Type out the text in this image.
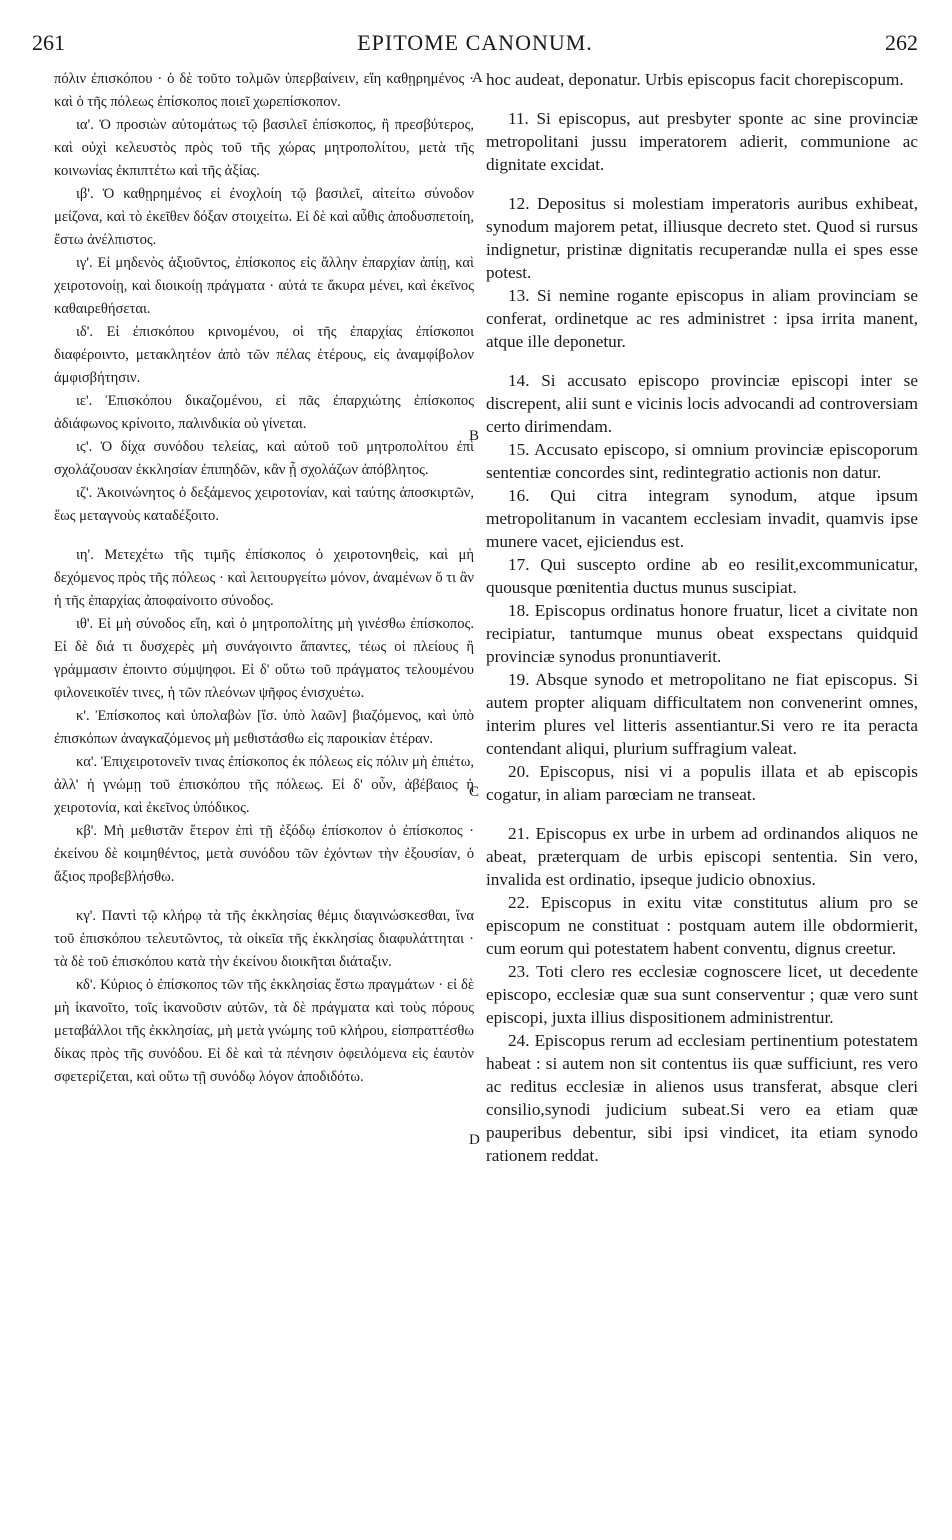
261	EPITOME CANONUM.	262
A
B
C
D

πόλιν ἐπισκόπου · ὁ δὲ τοῦτο τολμῶν ὑπερβαίνειν, εἴη καθῃρημένος · καὶ ὁ τῆς πόλεως ἐπίσκοπος ποιεῖ χωρεπίσκοπον.

ια'. Ὁ προσιὼν αὐτομάτως τῷ βασιλεῖ ἐπίσκοπος, ἢ πρεσβύτερος, καὶ οὐχὶ κελευστὸς πρὸς τοῦ τῆς χώρας μητροπολίτου, μετὰ τῆς κοινωνίας ἐκπιπτέτω καὶ τῆς ἀξίας.

ιβ'. Ὁ καθῃρημένος εἰ ἐνοχλοίη τῷ βασιλεῖ, αἰτείτω σύνοδον μείζονα, καὶ τὸ ἐκεῖθεν δόξαν στοιχείτω. Εἰ δὲ καὶ αὖθις ἀποδυσπετοίη, ἔστω ἀνέλπιστος.

ιγ'. Εἰ μηδενὸς ἀξιοῦντος, ἐπίσκοπος εἰς ἄλλην ἐπαρχίαν ἀπίῃ, καὶ χειροτονοίῃ, καὶ διοικοίῃ πράγματα · αὐτά τε ἄκυρα μένει, καὶ ἐκεῖνος καθαιρεθήσεται.

ιδ'. Εἰ ἐπισκόπου κρινομένου, οἱ τῆς ἐπαρχίας ἐπίσκοποι διαφέροιντο, μετακλητέον ἀπὸ τῶν πέλας ἑτέρους, εἰς ἀναμφίβολον ἀμφισβήτησιν.

ιε'. Ἐπισκόπου δικαζομένου, εἰ πᾶς ἐπαρχιώτης ἐπίσκοπος ἀδιάφωνος κρίνοιτο, παλινδικία οὐ γίνεται.

ιϛ'. Ὁ δίχα συνόδου τελείας, καὶ αὐτοῦ τοῦ μητροπολίτου ἐπὶ σχολάζουσαν ἐκκλησίαν ἐπιπηδῶν, κἂν ᾖ σχολάζων ἀπόβλητος.

ιζ'. Ἀκοινώνητος ὁ δεξάμενος χειροτονίαν, καὶ ταύτης ἀποσκιρτῶν, ἕως μεταγνοὺς καταδέξοιτο.

ιη'. Μετεχέτω τῆς τιμῆς ἐπίσκοπος ὁ χειροτονηθεὶς, καὶ μὴ δεχόμενος πρὸς τῆς πόλεως · καὶ λειτουργείτω μόνον, ἀναμένων ὅ τι ἂν ἡ τῆς ἐπαρχίας ἀποφαίνοιτο σύνοδος.

ιθ'. Εἰ μὴ σύνοδος εἴη, καὶ ὁ μητροπολίτης μὴ γινέσθω ἐπίσκοπος. Εἰ δὲ διά τι δυσχερὲς μὴ συνάγοιντο ἅπαντες, τέως οἱ πλείους ἢ γράμμασιν ἐποιντο σύμψηφοι. Εἰ δ' οὕτω τοῦ πράγματος τελουμένου φιλονεικοῖέν τινες, ἡ τῶν πλεόνων ψῆφος ἐνισχυέτω.

κ'. Ἐπίσκοπος καὶ ὑπολαβὼν [ἴσ. ὑπὸ λαῶν] βιαζόμενος, καὶ ὑπὸ ἐπισκόπων ἀναγκαζόμενος μὴ μεθιστάσθω εἰς παροικίαν ἑτέραν.

κα'. Ἐπιχειροτονεῖν τινας ἐπίσκοπος ἐκ πόλεως εἰς πόλιν μὴ ἐπιέτω, ἀλλ' ἡ γνώμῃ τοῦ ἐπισκόπου τῆς πόλεως. Εἰ δ' οὖν, ἀβέβαιος ἡ χειροτονία, καὶ ἐκεῖνος ὑπόδικος.

κβ'. Μὴ μεθιστᾶν ἕτερον ἐπὶ τῇ ἐξόδῳ ἐπίσκοπον ὁ ἐπίσκοπος · ἐκείνου δὲ κοιμηθέντος, μετὰ συνόδου τῶν ἐχόντων τὴν ἐξουσίαν, ὁ ἄξιος προβεβλήσθω.

κγ'. Παντὶ τῷ κλήρῳ τὰ τῆς ἐκκλησίας θέμις διαγινώσκεσθαι, ἵνα τοῦ ἐπισκόπου τελευτῶντος, τὰ οἰκεῖα τῆς ἐκκλησίας διαφυλάττηται · τὰ δὲ τοῦ ἐπισκόπου κατὰ τὴν ἐκείνου διοικῆται διάταξιν.

κδ'. Κύριος ὁ ἐπίσκοπος τῶν τῆς ἐκκλησίας ἔστω πραγμάτων · εἰ δὲ μὴ ἱκανοῖτο, τοῖς ἱκανοῦσιν αὐτῶν, τὰ δὲ πράγματα καὶ τοὺς πόρους μεταβάλλοι τῆς ἐκκλησίας, μὴ μετὰ γνώμης τοῦ κλήρου, εἰσπραττέσθω δίκας πρὸς τῆς συνόδου. Εἰ δὲ καὶ τὰ πένησιν ὀφειλόμενα εἰς ἑαυτὸν σφετερίζεται, καὶ οὕτω τῇ συνόδῳ λόγον ἀποδιδότω.

hoc audeat, deponatur. Urbis episcopus facit chorepiscopum.

11. Si episcopus, aut presbyter sponte ac sine provinciæ metropolitani jussu imperatorem adierit, communione ac dignitate excidat.

12. Depositus si molestiam imperatoris auribus exhibeat, synodum majorem petat, illiusque decreto stet. Quod si rursus indignetur, pristinæ dignitatis recuperandæ nulla ei spes esse potest.

13. Si nemine rogante episcopus in aliam provinciam se conferat, ordinetque ac res administret : ipsa irrita manent, atque ille deponetur.

14. Si accusato episcopo provinciæ episcopi inter se discrepent, alii sunt e vicinis locis advocandi ad controversiam certo dirimendam.

15. Accusato episcopo, si omnium provinciæ episcoporum sententiæ concordes sint, redintegratio actionis non datur.

16. Qui citra integram synodum, atque ipsum metropolitanum in vacantem ecclesiam invadit, quamvis ipse munere vacet, ejiciendus est.

17. Qui suscepto ordine ab eo resilit,excommunicatur, quousque pœnitentia ductus munus suscipiat.

18. Episcopus ordinatus honore fruatur, licet a civitate non recipiatur, tantumque munus obeat exspectans quidquid provinciæ synodus pronuntiaverit.

19. Absque synodo et metropolitano ne fiat episcopus. Si autem propter aliquam difficultatem non convenerint omnes, interim plures vel litteris assentiantur.Si vero re ita peracta contendant aliqui, plurium suffragium valeat.

20. Episcopus, nisi vi a populis illata et ab episcopis cogatur, in aliam parœciam ne transeat.

21. Episcopus ex urbe in urbem ad ordinandos aliquos ne abeat, præterquam de urbis episcopi sententia. Sin vero, invalida est ordinatio, ipseque judicio obnoxius.

22. Episcopus in exitu vitæ constitutus alium pro se episcopum ne constituat : postquam autem ille obdormierit, cum eorum qui potestatem habent conventu, dignus creetur.

23. Toti clero res ecclesiæ cognoscere licet, ut decedente episcopo, ecclesiæ quæ sua sunt conserventur ; quæ vero sunt episcopi, juxta illius dispositionem administrentur.

24. Episcopus rerum ad ecclesiam pertinentium potestatem habeat : si autem non sit contentus iis quæ sufficiunt, res vero ac reditus ecclesiæ in alienos usus transferat, absque cleri consilio,synodi judicium subeat.Si vero ea etiam quæ pauperibus debentur, sibi ipsi vindicet, ita etiam synodo rationem reddat.
